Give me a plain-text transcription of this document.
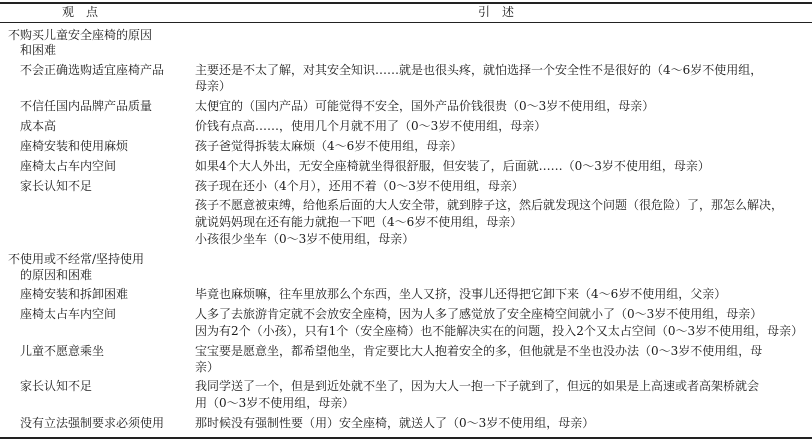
观　点	引　述
不购买儿童安全座椅的原因
和困难
不会正确选购适宜座椅产品	主要还是不太了解，对其安全知识……就是也很头疼，就怕选择一个安全性不是很好的（4～6岁不使用组，
母亲）
不信任国内品牌产品质量	太便宜的（国内产品）可能觉得不安全，国外产品价钱很贵（0～3岁不使用组，母亲）
成本高	价钱有点高……，使用几个月就不用了（0～3岁不使用组，母亲）
座椅安装和使用麻烦	孩子爸觉得拆装太麻烦（4～6岁不使用组，母亲）
座椅太占车内空间	如果4个大人外出，无安全座椅就坐得很舒服，但安装了，后面就……（0～3岁不使用组，母亲）
家长认知不足	孩子现在还小（4个月），还用不着（0～3岁不使用组，母亲）
孩子不愿意被束缚，给他系后面的大人安全带，就到脖子这，然后就发现这个问题（很危险）了，那怎么解决，
就说妈妈现在还有能力就抱一下吧（4～6岁不使用组，母亲）
小孩很少坐车（0～3岁不使用组，母亲）
不使用或不经常/坚持使用
的原因和困难
座椅安装和拆卸困难	毕竟也麻烦嘛，往车里放那么个东西，坐人又挤，没事儿还得把它卸下来（4～6岁不使用组，父亲）
座椅太占车内空间	人多了去旅游肯定就不会放安全座椅，因为人多了感觉放了安全座椅空间就小了（0～3岁不使用组，母亲）
因为有2个（小孩），只有1个（安全座椅）也不能解决实在的问题，投入2个又太占空间（0～3岁不使用组，母亲）
儿童不愿意乘坐	宝宝要是愿意坐，都希望他坐，肯定要比大人抱着安全的多，但他就是不坐也没办法（0～3岁不使用组，母
亲）
家长认知不足	我同学送了一个，但是到近处就不坐了，因为大人一抱一下子就到了，但远的如果是上高速或者高架桥就会
用（0～3岁不使用组，母亲）
没有立法强制要求必须使用	那时候没有强制性要（用）安全座椅，就送人了（0～3岁不使用组，母亲）
